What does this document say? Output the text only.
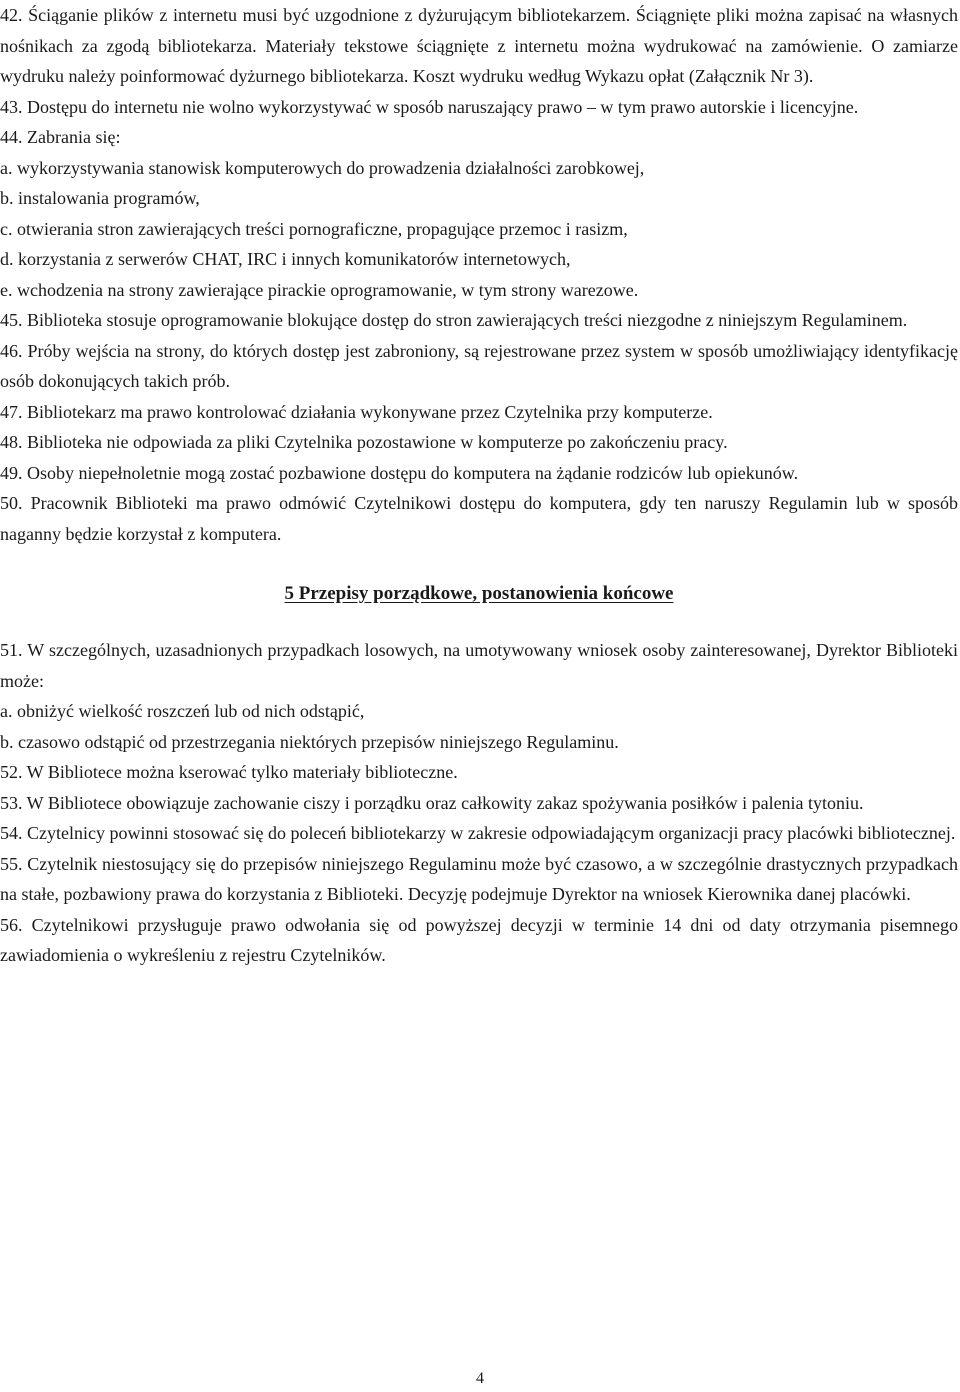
42. Ściąganie plików z internetu musi być uzgodnione z dyżurującym bibliotekarzem. Ściągnięte pliki można zapisać na własnych nośnikach za zgodą bibliotekarza. Materiały tekstowe ściągnięte z internetu można wydrukować na zamówienie. O zamiarze wydruku należy poinformować dyżurnego bibliotekarza. Koszt wydruku według Wykazu opłat (Załącznik Nr 3).

43. Dostępu do internetu nie wolno wykorzystywać w sposób naruszający prawo – w tym prawo autorskie i licencyjne.

44. Zabrania się:

a. wykorzystywania stanowisk komputerowych do prowadzenia działalności zarobkowej,

b. instalowania programów,

c. otwierania stron zawierających treści pornograficzne, propagujące przemoc i rasizm,

d. korzystania z serwerów CHAT, IRC i innych komunikatorów internetowych,

e. wchodzenia na strony zawierające pirackie oprogramowanie, w tym strony warezowe.

45. Biblioteka stosuje oprogramowanie blokujące dostęp do stron zawierających treści niezgodne z niniejszym Regulaminem.

46. Próby wejścia na strony, do których dostęp jest zabroniony, są rejestrowane przez system w sposób umożliwiający identyfikację osób dokonujących takich prób.

47. Bibliotekarz ma prawo kontrolować działania wykonywane przez Czytelnika przy komputerze.

48. Biblioteka nie odpowiada za pliki Czytelnika pozostawione w komputerze po zakończeniu pracy.

49. Osoby niepełnoletnie mogą zostać pozbawione dostępu do komputera na żądanie rodziców lub opiekunów.

50. Pracownik Biblioteki ma prawo odmówić Czytelnikowi dostępu do komputera, gdy ten naruszy Regulamin lub w sposób naganny będzie korzystał z komputera.

5 Przepisy porządkowe, postanowienia końcowe

51. W szczególnych, uzasadnionych przypadkach losowych, na umotywowany wniosek osoby zainteresowanej, Dyrektor Biblioteki może:

a. obniżyć wielkość roszczeń lub od nich odstąpić,

b. czasowo odstąpić od przestrzegania niektórych przepisów niniejszego Regulaminu.

52. W Bibliotece można kserować tylko materiały biblioteczne.

53. W Bibliotece obowiązuje zachowanie ciszy i porządku oraz całkowity zakaz spożywania posiłków i palenia tytoniu.

54. Czytelnicy powinni stosować się do poleceń bibliotekarzy w zakresie odpowiadającym organizacji pracy placówki bibliotecznej.

55. Czytelnik niestosujący się do przepisów niniejszego Regulaminu może być czasowo, a w szczególnie drastycznych przypadkach na stałe, pozbawiony prawa do korzystania z Biblioteki. Decyzję podejmuje Dyrektor na wniosek Kierownika danej placówki.

56. Czytelnikowi przysługuje prawo odwołania się od powyższej decyzji w terminie 14 dni od daty otrzymania pisemnego zawiadomienia o wykreśleniu z rejestru Czytelników.

4
